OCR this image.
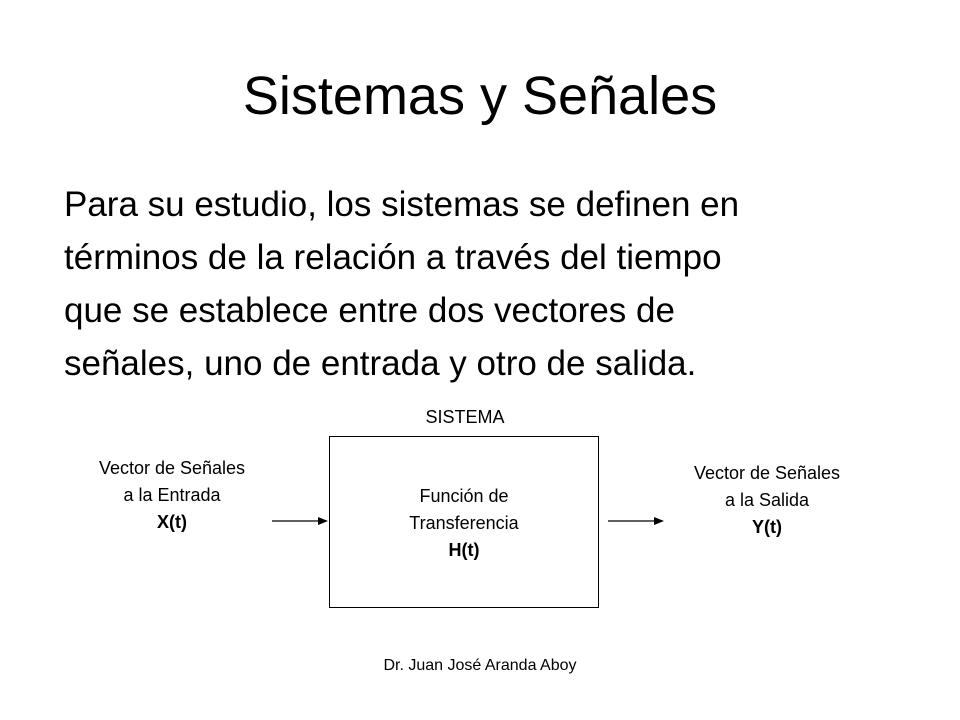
Sistemas y Señales
Para su estudio, los sistemas se definen en
términos de la relación a través del tiempo
que se establece entre dos vectores de
señales, uno de entrada y otro de salida.
SISTEMA
Vector de Señales
a la Entrada
X(t)
Función de
Transferencia
H(t)
Vector de Señales
a la Salida
Y(t)
Dr. Juan José Aranda Aboy
